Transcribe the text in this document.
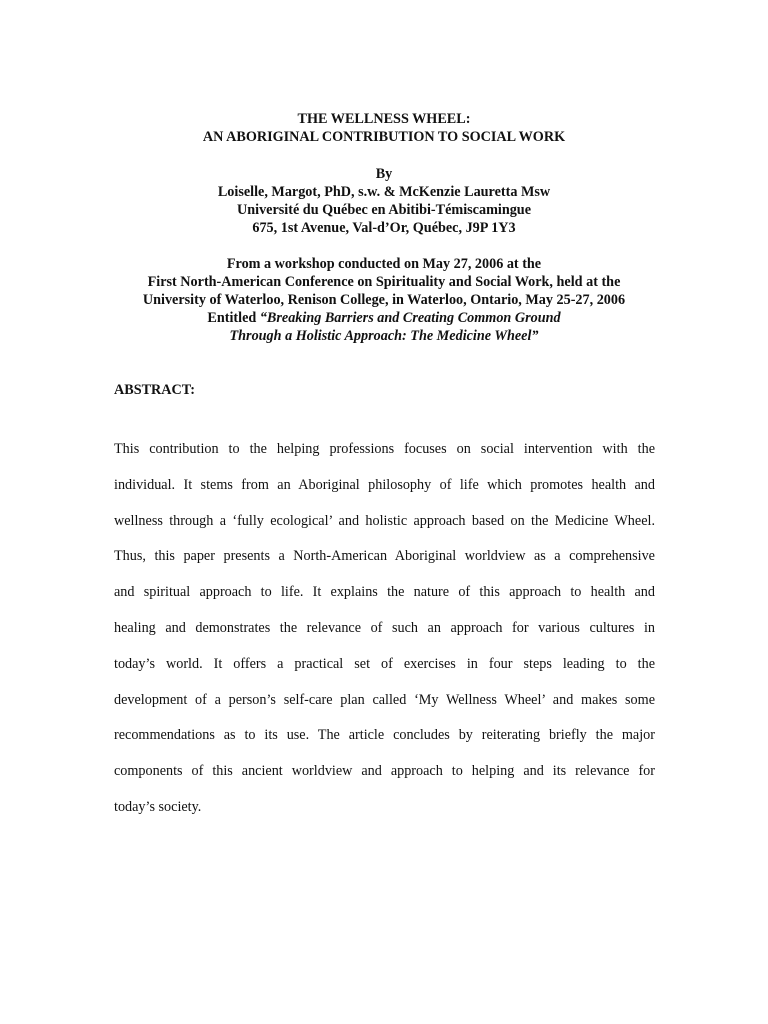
THE WELLNESS WHEEL:
AN ABORIGINAL CONTRIBUTION TO SOCIAL WORK
By
Loiselle, Margot, PhD, s.w. & McKenzie Lauretta Msw
Université du Québec en Abitibi-Témiscamingue
675, 1st Avenue, Val-d’Or, Québec, J9P 1Y3
From a workshop conducted on May 27, 2006 at the
First North-American Conference on Spirituality and Social Work, held at the
University of Waterloo, Renison College, in Waterloo, Ontario, May 25-27, 2006
Entitled “Breaking Barriers and Creating Common Ground
Through a Holistic Approach: The Medicine Wheel”
ABSTRACT:
This contribution to the helping professions focuses on social intervention with the
individual. It stems from an Aboriginal philosophy of life which promotes health and
wellness through a ‘fully ecological’ and holistic approach based on the Medicine Wheel.
Thus, this paper presents a North-American Aboriginal worldview as a comprehensive
and spiritual approach to life. It explains the nature of this approach to health and
healing and demonstrates the relevance of such an approach for various cultures in
today’s world. It offers a practical set of exercises in four steps leading to the
development of a person’s self-care plan called ‘My Wellness Wheel’ and makes some
recommendations as to its use. The article concludes by reiterating briefly the major
components of this ancient worldview and approach to helping and its relevance for
today’s society.
